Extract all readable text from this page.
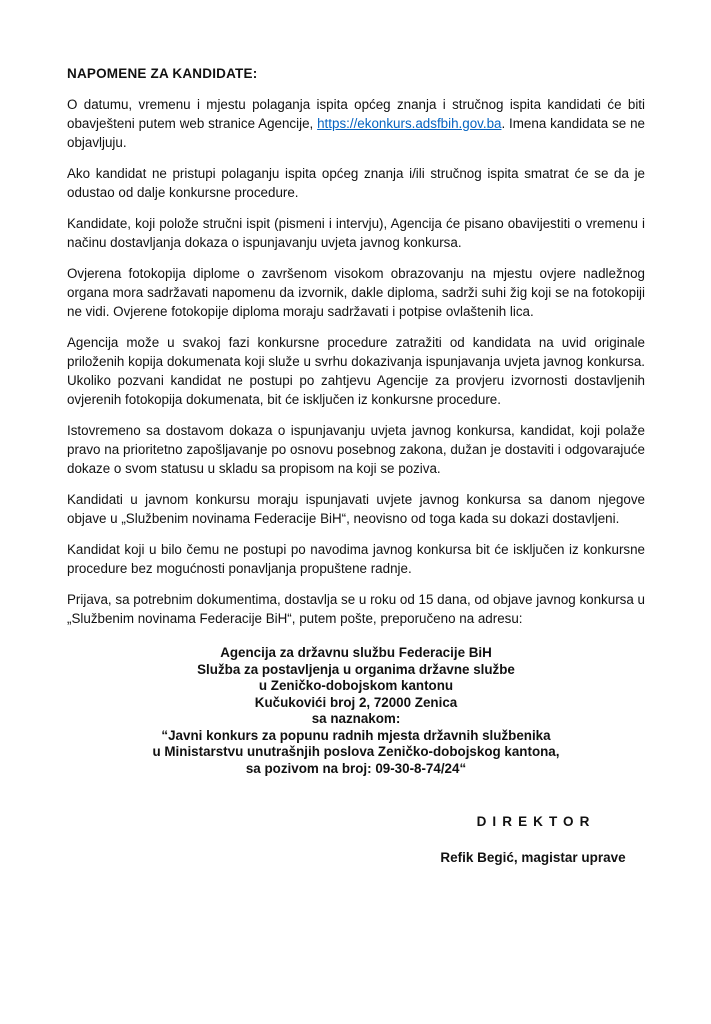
NAPOMENE ZA KANDIDATE:

O datumu, vremenu i mjestu polaganja ispita općeg znanja i stručnog ispita kandidati će biti obavješteni putem web stranice Agencije, https://ekonkurs.adsfbih.gov.ba. Imena kandidata se ne objavljuju.

Ako kandidat ne pristupi polaganju ispita općeg znanja i/ili stručnog ispita smatrat će se da je odustao od dalje konkursne procedure.

Kandidate, koji polože stručni ispit (pismeni i intervju), Agencija će pisano obavijestiti o vremenu i načinu dostavljanja dokaza o ispunjavanju uvjeta javnog konkursa.

Ovjerena fotokopija diplome o završenom visokom obrazovanju na mjestu ovjere nadležnog organa mora sadržavati napomenu da izvornik, dakle diploma, sadrži suhi žig koji se na fotokopiji ne vidi. Ovjerene fotokopije diploma moraju sadržavati i potpise ovlaštenih lica.

Agencija može u svakoj fazi konkursne procedure zatražiti od kandidata na uvid originale priloženih kopija dokumenata koji služe u svrhu dokazivanja ispunjavanja uvjeta javnog konkursa. Ukoliko pozvani kandidat ne postupi po zahtjevu Agencije za provjeru izvornosti dostavljenih ovjerenih fotokopija dokumenata, bit će isključen iz konkursne procedure.

Istovremeno sa dostavom dokaza o ispunjavanju uvjeta javnog konkursa, kandidat, koji polaže pravo na prioritetno zapošljavanje po osnovu posebnog zakona, dužan je dostaviti i odgovarajuće dokaze o svom statusu u skladu sa propisom na koji se poziva.

Kandidati u javnom konkursu moraju ispunjavati uvjete javnog konkursa sa danom njegove objave u „Službenim novinama Federacije BiH“, neovisno od toga kada su dokazi dostavljeni.

Kandidat koji u bilo čemu ne postupi po navodima javnog konkursa bit će isključen iz konkursne procedure bez mogućnosti ponavljanja propuštene radnje.

Prijava, sa potrebnim dokumentima, dostavlja se u roku od 15 dana, od objave javnog konkursa u „Službenim novinama Federacije BiH“, putem pošte, preporučeno na adresu:

Agencija za državnu službu Federacije BiH
Služba za postavljenja u organima državne službe
u Zeničko-dobojskom kantonu
Kučukovići broj 2, 72000 Zenica
sa naznakom:
“Javni konkurs za popunu radnih mjesta državnih službenika
u Ministarstvu unutrašnjih poslova Zeničko-dobojskog kantona,
sa pozivom na broj: 09-30-8-74/24“
DIREKTOR
Refik Begić, magistar uprave
